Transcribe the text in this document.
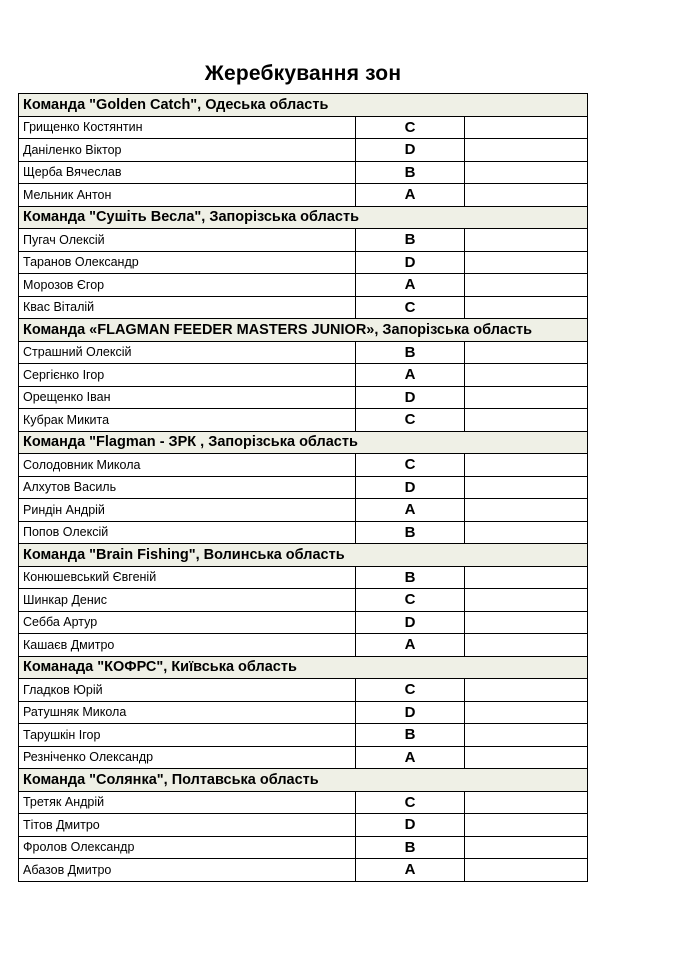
Жеребкування зон
Команда "Golden Catch", Одеська область		
Грищенко Костянтин	C	
Даніленко Віктор	D	
Щерба Вячеслав	B	
Мельник Антон	A	
Команда "Сушіть Весла", Запорізська область		
Пугач Олексій	B	
Таранов Олександр	D	
Морозов Єгор	A	
Квас Віталій	C	
Команда «FLAGMAN FEEDER MASTERS JUNIOR», Запорізська область		
Страшний Олексій	B	
Сергієнко Ігор	A	
Орещенко Іван	D	
Кубрак Микита	C	
Команда "Flagman - ЗРК , Запорізська область		
Солодовник Микола	C	
Алхутов Василь	D	
Риндін Андрій	A	
Попов Олексій	B	
Команда "Brain Fishing", Волинська область		
Конюшевський Євгеній	B	
Шинкар Денис	C	
Себба Артур	D	
Кашаєв Дмитро	A	
Команада "КОФРС", Київська область		
Гладков Юрій	C	
Ратушняк Микола	D	
Тарушкін Ігор	B	
Резніченко Олександр	A	
Команда "Солянка", Полтавська область		
Третяк Андрій	C	
Тітов Дмитро	D	
Фролов Олександр	B	
Абазов Дмитро	A	
